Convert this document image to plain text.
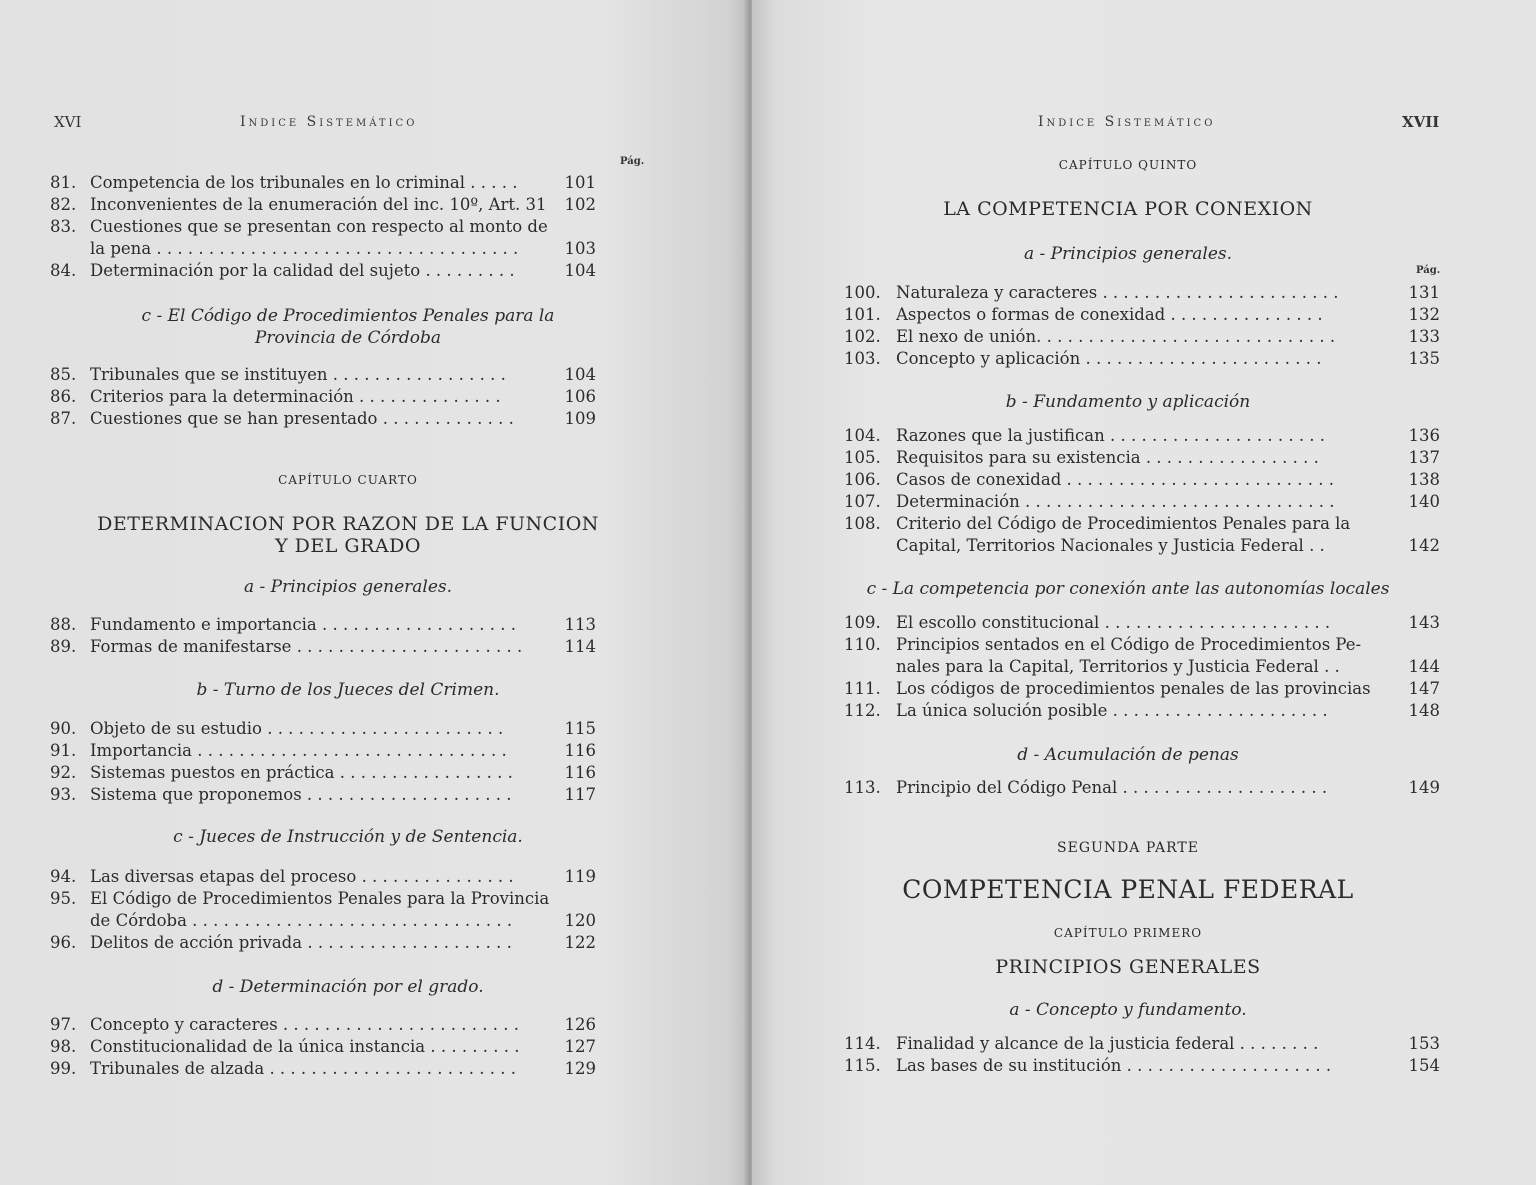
XVI	Indice Sistemático
Pág.
81. Competencia de los tribunales en lo criminal . . . . .	101
82. Inconvenientes de la enumeración del inc. 10º, Art. 31	102
83. Cuestiones que se presentan con respecto al monto de
la pena . . . . . . . . . . . . . . . . . . . . . . . . . . . . . . . . . . .	103
84. Determinación por la calidad del sujeto . . . . . . . . .	104
c - El Código de Procedimientos Penales para la
Provincia de Córdoba
85. Tribunales que se instituyen . . . . . . . . . . . . . . . . .	104
86. Criterios para la determinación . . . . . . . . . . . . . .	106
87. Cuestiones que se han presentado . . . . . . . . . . . . .	109
CAPÍTULO CUARTO
DETERMINACION POR RAZON DE LA FUNCION
Y DEL GRADO
a - Principios generales.
88. Fundamento e importancia . . . . . . . . . . . . . . . . . . .	113
89. Formas de manifestarse . . . . . . . . . . . . . . . . . . . . . .	114
b - Turno de los Jueces del Crimen.
90. Objeto de su estudio . . . . . . . . . . . . . . . . . . . . . . .	115
91. Importancia . . . . . . . . . . . . . . . . . . . . . . . . . . . . . .	116
92. Sistemas puestos en práctica . . . . . . . . . . . . . . . . .	116
93. Sistema que proponemos . . . . . . . . . . . . . . . . . . . .	117
c - Jueces de Instrucción y de Sentencia.
94. Las diversas etapas del proceso . . . . . . . . . . . . . . .	119
95. El Código de Procedimientos Penales para la Provincia
de Córdoba . . . . . . . . . . . . . . . . . . . . . . . . . . . . . . .	120
96. Delitos de acción privada . . . . . . . . . . . . . . . . . . . .	122
d - Determinación por el grado.
97. Concepto y caracteres . . . . . . . . . . . . . . . . . . . . . . .	126
98. Constitucionalidad de la única instancia . . . . . . . . .	127
99. Tribunales de alzada . . . . . . . . . . . . . . . . . . . . . . . .	129
Indice Sistemático	XVII
CAPÍTULO QUINTO
LA COMPETENCIA POR CONEXION
a - Principios generales.
Pág.
100. Naturaleza y caracteres . . . . . . . . . . . . . . . . . . . . . . .	131
101. Aspectos o formas de conexidad . . . . . . . . . . . . . . .	132
102. El nexo de unión. . . . . . . . . . . . . . . . . . . . . . . . . . . . .	133
103. Concepto y aplicación . . . . . . . . . . . . . . . . . . . . . . .	135
b - Fundamento y aplicación
104. Razones que la justifican . . . . . . . . . . . . . . . . . . . . .	136
105. Requisitos para su existencia . . . . . . . . . . . . . . . . .	137
106. Casos de conexidad . . . . . . . . . . . . . . . . . . . . . . . . . .	138
107. Determinación . . . . . . . . . . . . . . . . . . . . . . . . . . . . . .	140
108. Criterio del Código de Procedimientos Penales para la
Capital, Territorios Nacionales y Justicia Federal . .	142
c - La competencia por conexión ante las autonomías locales
109. El escollo constitucional . . . . . . . . . . . . . . . . . . . . . .	143
110. Principios sentados en el Código de Procedimientos Pe-
nales para la Capital, Territorios y Justicia Federal . .	144
111. Los códigos de procedimientos penales de las provincias	147
112. La única solución posible . . . . . . . . . . . . . . . . . . . . .	148
d - Acumulación de penas
113. Principio del Código Penal . . . . . . . . . . . . . . . . . . . .	149
SEGUNDA PARTE
COMPETENCIA PENAL FEDERAL
CAPÍTULO PRIMERO
PRINCIPIOS GENERALES
a - Concepto y fundamento.
114. Finalidad y alcance de la justicia federal . . . . . . . .	153
115. Las bases de su institución . . . . . . . . . . . . . . . . . . . .	154
